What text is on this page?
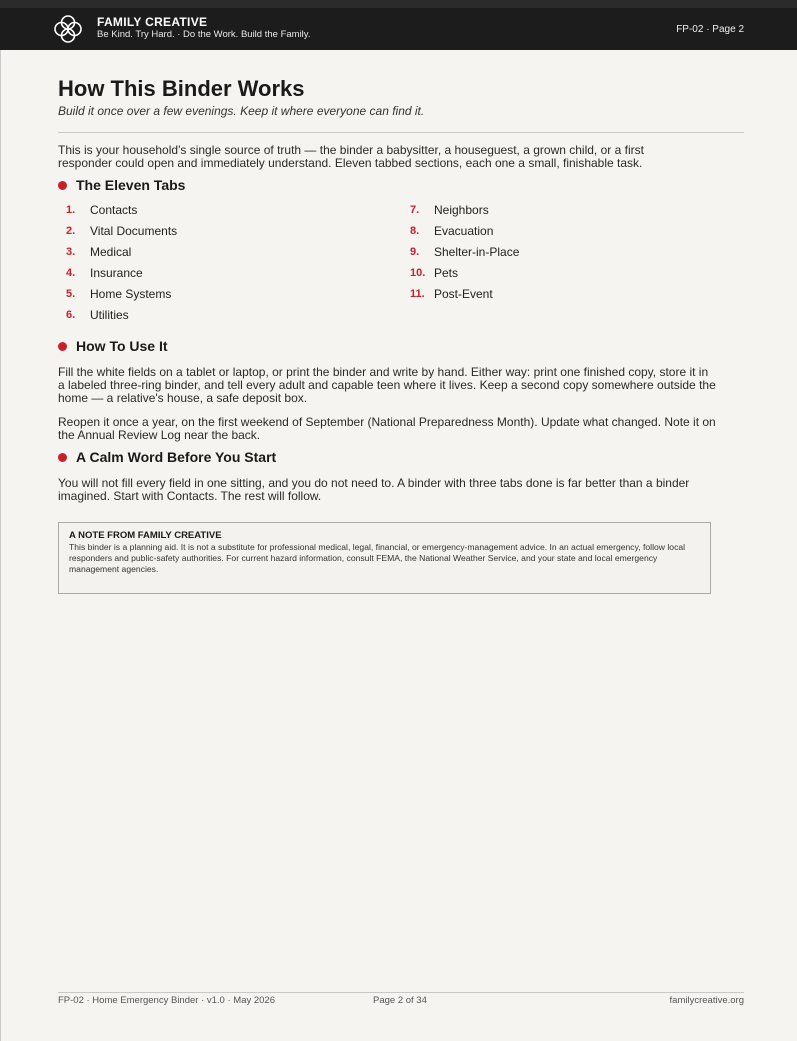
FAMILY CREATIVE
Be Kind. Try Hard. · Do the Work. Build the Family.	FP-02 · Page 2
How This Binder Works
Build it once over a few evenings. Keep it where everyone can find it.

This is your household's single source of truth — the binder a babysitter, a houseguest, a grown child, or a first responder could open and immediately understand. Eleven tabbed sections, each one a small, finishable task.

The Eleven Tabs
1.	Contacts
2.	Vital Documents
3.	Medical
4.	Insurance
5.	Home Systems
6.	Utilities
7.	Neighbors
8.	Evacuation
9.	Shelter-in-Place
10. Pets
11. Post-Event
How To Use It

Fill the white fields on a tablet or laptop, or print the binder and write by hand. Either way: print one finished copy, store it in a labeled three-ring binder, and tell every adult and capable teen where it lives. Keep a second copy somewhere outside the home — a relative's house, a safe deposit box.

Reopen it once a year, on the first weekend of September (National Preparedness Month). Update what changed. Note it on the Annual Review Log near the back.

A Calm Word Before You Start

You will not fill every field in one sitting, and you do not need to. A binder with three tabs done is far better than a binder imagined. Start with Contacts. The rest will follow.

A NOTE FROM FAMILY CREATIVE
This binder is a planning aid. It is not a substitute for professional medical, legal, financial, or emergency-management advice. In an actual emergency, follow local responders and public-safety authorities. For current hazard information, consult FEMA, the National Weather Service, and your state and local emergency management agencies.
FP-02 · Home Emergency Binder · v1.0 · May 2026	Page 2 of 34	familycreative.org
